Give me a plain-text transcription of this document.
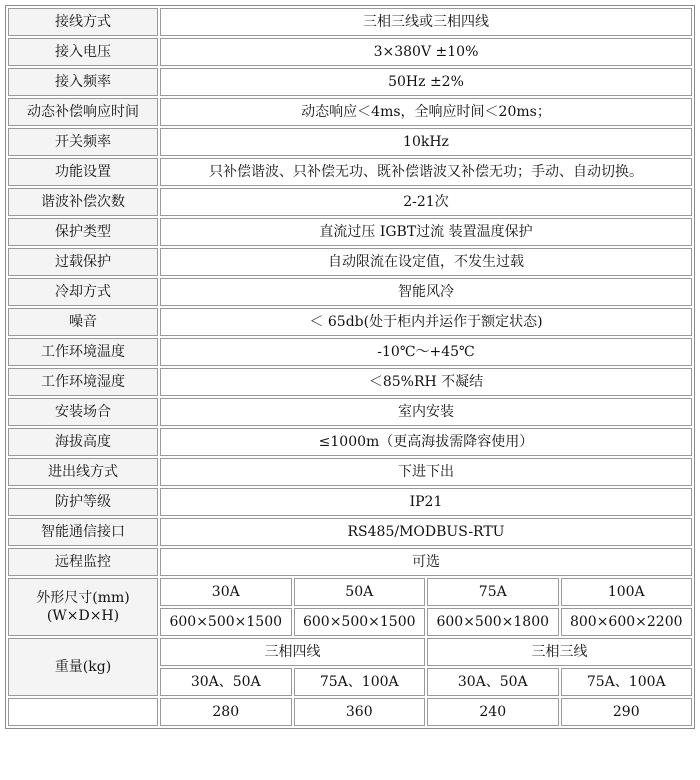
接线方式	三相三线或三相四线			
接入电压	3×380V ±10%			
接入频率	50Hz ±2%			
动态补偿响应时间	动态响应＜4ms，全响应时间＜20ms；			
开关频率	10kHz			
功能设置	只补偿谐波、只补偿无功、既补偿谐波又补偿无功；手动、自动切换。			
谐波补偿次数	2-21次			
保护类型	直流过压 IGBT过流 装置温度保护			
过载保护	自动限流在设定值，不发生过载			
冷却方式	智能风冷			
噪音	＜ 65db(处于柜内并运作于额定状态)			
工作环境温度	-10℃～+45℃			
工作环境湿度	＜85%RH 不凝结			
安装场合	室内安装			
海拔高度	≤1000m（更高海拔需降容使用）			
进出线方式	下进下出			
防护等级	IP21			
智能通信接口	RS485/MODBUS-RTU			
远程监控	可选			

外形尺寸(mm)
(W×D×H)	30A	50A	75A	100A
	600×500×1500	600×500×1500	600×500×1800	800×600×2200
重量(kg)	三相四线		三相三线	
	30A、50A	75A、100A	30A、50A	75A、100A
	280	360	240	290
